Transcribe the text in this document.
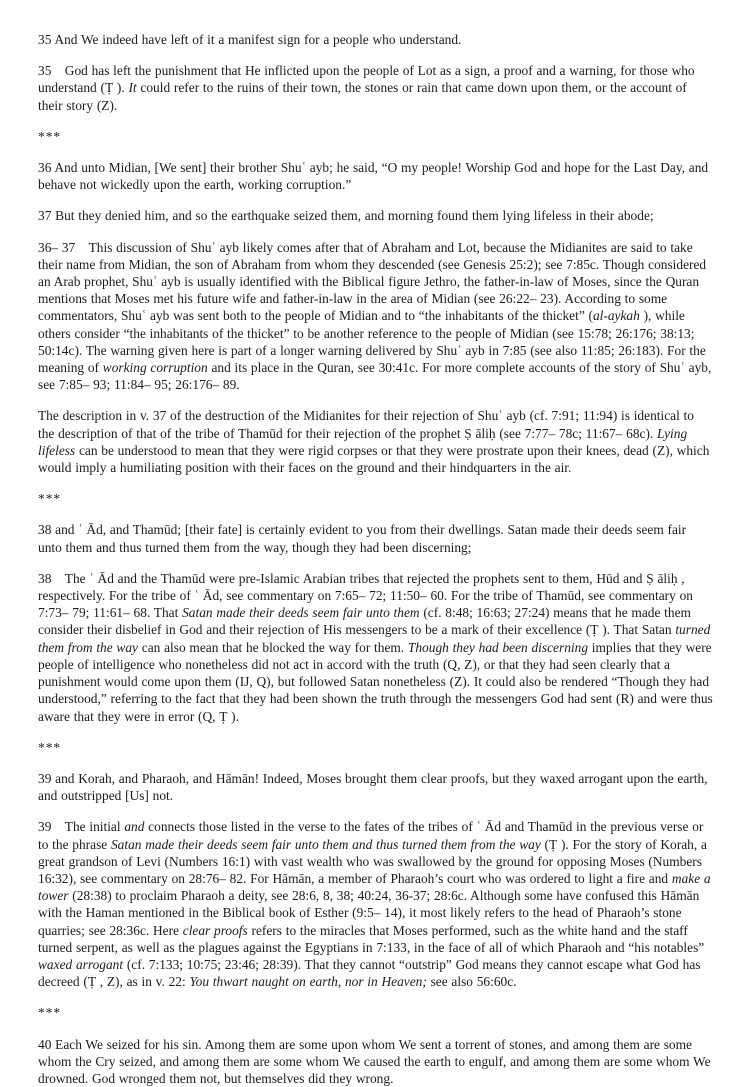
35 And We indeed have left of it a manifest sign for a people who understand.

35 God has left the punishment that He inflicted upon the people of Lot as a sign, a proof and a warning, for those who understand (Ṭ ). It could refer to the ruins of their town, the stones or rain that came down upon them, or the account of their story (Z).

***

36 And unto Midian, [We sent] their brother Shuʿ ayb; he said, “O my people! Worship God and hope for the Last Day, and behave not wickedly upon the earth, working corruption.”

37 But they denied him, and so the earthquake seized them, and morning found them lying lifeless in their abode;

36– 37 This discussion of Shuʿ ayb likely comes after that of Abraham and Lot, because the Midianites are said to take their name from Midian, the son of Abraham from whom they descended (see Genesis 25:2); see 7:85c. Though considered an Arab prophet, Shuʿ ayb is usually identified with the Biblical figure Jethro, the father-in-law of Moses, since the Quran mentions that Moses met his future wife and father-in-law in the area of Midian (see 26:22– 23). According to some commentators, Shuʿ ayb was sent both to the people of Midian and to “the inhabitants of the thicket” (al-aykah ), while others consider “the inhabitants of the thicket” to be another reference to the people of Midian (see 15:78; 26:176; 38:13; 50:14c). The warning given here is part of a longer warning delivered by Shuʿ ayb in 7:85 (see also 11:85; 26:183). For the meaning of working corruption and its place in the Quran, see 30:41c. For more complete accounts of the story of Shuʿ ayb, see 7:85– 93; 11:84– 95; 26:176– 89.

The description in v. 37 of the destruction of the Midianites for their rejection of Shuʿ ayb (cf. 7:91; 11:94) is identical to the description of that of the tribe of Thamūd for their rejection of the prophet Ṣ āliḥ (see 7:77– 78c; 11:67– 68c). Lying lifeless can be understood to mean that they were rigid corpses or that they were prostrate upon their knees, dead (Z), which would imply a humiliating position with their faces on the ground and their hindquarters in the air.

***

38 and ʿ Ād, and Thamūd; [their fate] is certainly evident to you from their dwellings. Satan made their deeds seem fair unto them and thus turned them from the way, though they had been discerning;

38 The ʿ Ād and the Thamūd were pre-Islamic Arabian tribes that rejected the prophets sent to them, Hūd and Ṣ āliḥ , respectively. For the tribe of ʿ Ād, see commentary on 7:65– 72; 11:50– 60. For the tribe of Thamūd, see commentary on 7:73– 79; 11:61– 68. That Satan made their deeds seem fair unto them (cf. 8:48; 16:63; 27:24) means that he made them consider their disbelief in God and their rejection of His messengers to be a mark of their excellence (Ṭ ). That Satan turned them from the way can also mean that he blocked the way for them. Though they had been discerning implies that they were people of intelligence who nonetheless did not act in accord with the truth (Q, Z), or that they had seen clearly that a punishment would come upon them (IJ, Q), but followed Satan nonetheless (Z). It could also be rendered “Though they had understood,” referring to the fact that they had been shown the truth through the messengers God had sent (R) and were thus aware that they were in error (Q, Ṭ ).

***

39 and Korah, and Pharaoh, and Hāmān! Indeed, Moses brought them clear proofs, but they waxed arrogant upon the earth, and outstripped [Us] not.

39 The initial and connects those listed in the verse to the fates of the tribes of ʿ Ād and Thamūd in the previous verse or to the phrase Satan made their deeds seem fair unto them and thus turned them from the way (Ṭ ). For the story of Korah, a great grandson of Levi (Numbers 16:1) with vast wealth who was swallowed by the ground for opposing Moses (Numbers 16:32), see commentary on 28:76– 82. For Hāmān, a member of Pharaoh’s court who was ordered to light a fire and make a tower (28:38) to proclaim Pharaoh a deity, see 28:6, 8, 38; 40:24, 36-37; 28:6c. Although some have confused this Hāmān with the Haman mentioned in the Biblical book of Esther (9:5– 14), it most likely refers to the head of Pharaoh’s stone quarries; see 28:36c. Here clear proofs refers to the miracles that Moses performed, such as the white hand and the staff turned serpent, as well as the plagues against the Egyptians in 7:133, in the face of all of which Pharaoh and “his notables” waxed arrogant (cf. 7:133; 10:75; 23:46; 28:39). That they cannot “outstrip” God means they cannot escape what God has decreed (Ṭ , Z), as in v. 22: You thwart naught on earth, nor in Heaven; see also 56:60c.

***

40 Each We seized for his sin. Among them are some upon whom We sent a torrent of stones, and among them are some whom the Cry seized, and among them are some whom We caused the earth to engulf, and among them are some whom We drowned. God wronged them not, but themselves did they wrong.
